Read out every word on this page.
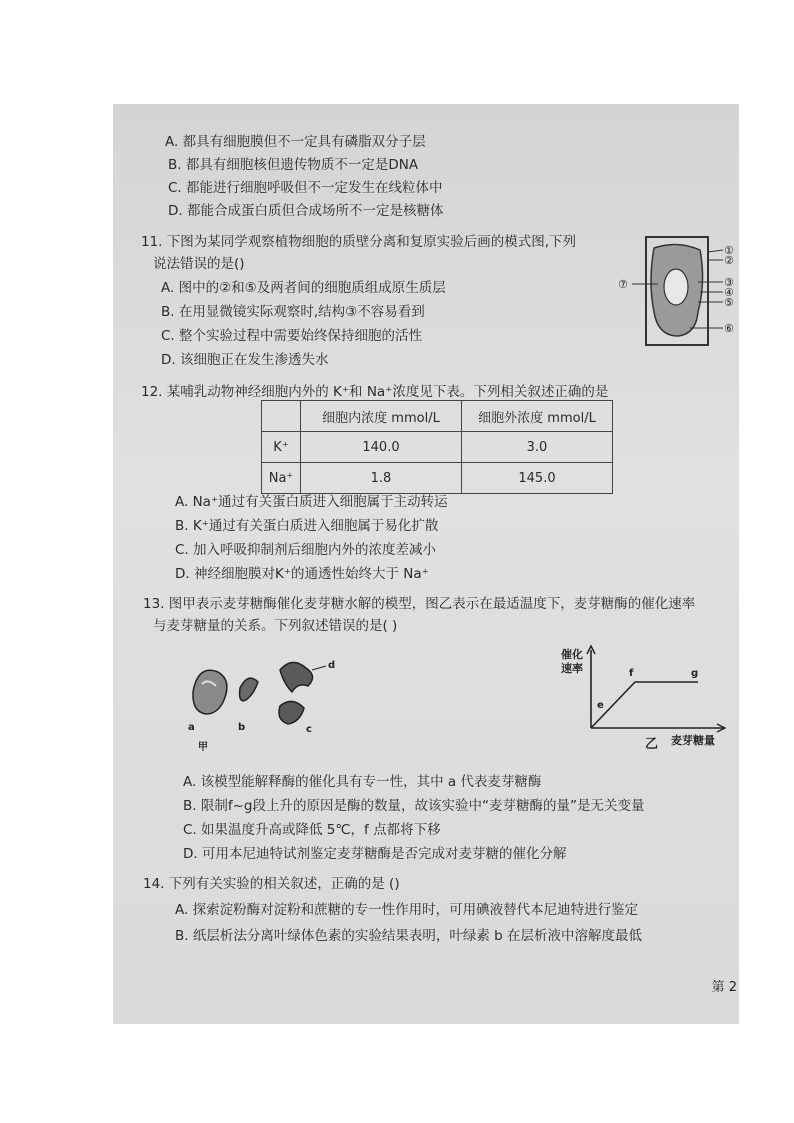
A. 都具有细胞膜但不一定具有磷脂双分子层
B. 都具有细胞核但遗传物质不一定是DNA
C. 都能进行细胞呼吸但不一定发生在线粒体中
D. 都能合成蛋白质但合成场所不一定是核糖体
11. 下图为某同学观察植物细胞的质壁分离和复原实验后画的模式图,下列
说法错误的是()
A. 图中的②和⑤及两者间的细胞质组成原生质层
B. 在用显微镜实际观察时,结构③不容易看到
C. 整个实验过程中需要始终保持细胞的活性
D. 该细胞正在发生渗透失水
①
②
③
④
⑤
⑥
⑦
12. 某哺乳动物神经细胞内外的 K⁺和 Na⁺浓度见下表。下列相关叙述正确的是
	细胞内浓度 mmol/L	细胞外浓度 mmol/L
K⁺	140.0	3.0
Na⁺	1.8	145.0
A. Na⁺通过有关蛋白质进入细胞属于主动转运
B. K⁺通过有关蛋白质进入细胞属于易化扩散
C. 加入呼吸抑制剂后细胞内外的浓度差减小
D. 神经细胞膜对K⁺的通透性始终大于 Na⁺
13. 图甲表示麦芽糖酶催化麦芽糖水解的模型，图乙表示在最适温度下，麦芽糖酶的催化速率
与麦芽糖量的关系。下列叙述错误的是( )
d
a	b	c
甲
催化
速率
麦芽糖量
乙
e
f	g
A. 该模型能解释酶的催化具有专一性，其中 a 代表麦芽糖酶
B. 限制f~g段上升的原因是酶的数量，故该实验中“麦芽糖酶的量”是无关变量
C. 如果温度升高或降低 5℃，f 点都将下移
D. 可用本尼迪特试剂鉴定麦芽糖酶是否完成对麦芽糖的催化分解
14. 下列有关实验的相关叙述，正确的是 ()
A. 探索淀粉酶对淀粉和蔗糖的专一性作用时，可用碘液替代本尼迪特进行鉴定
B. 纸层析法分离叶绿体色素的实验结果表明，叶绿素 b 在层析液中溶解度最低
第 2
